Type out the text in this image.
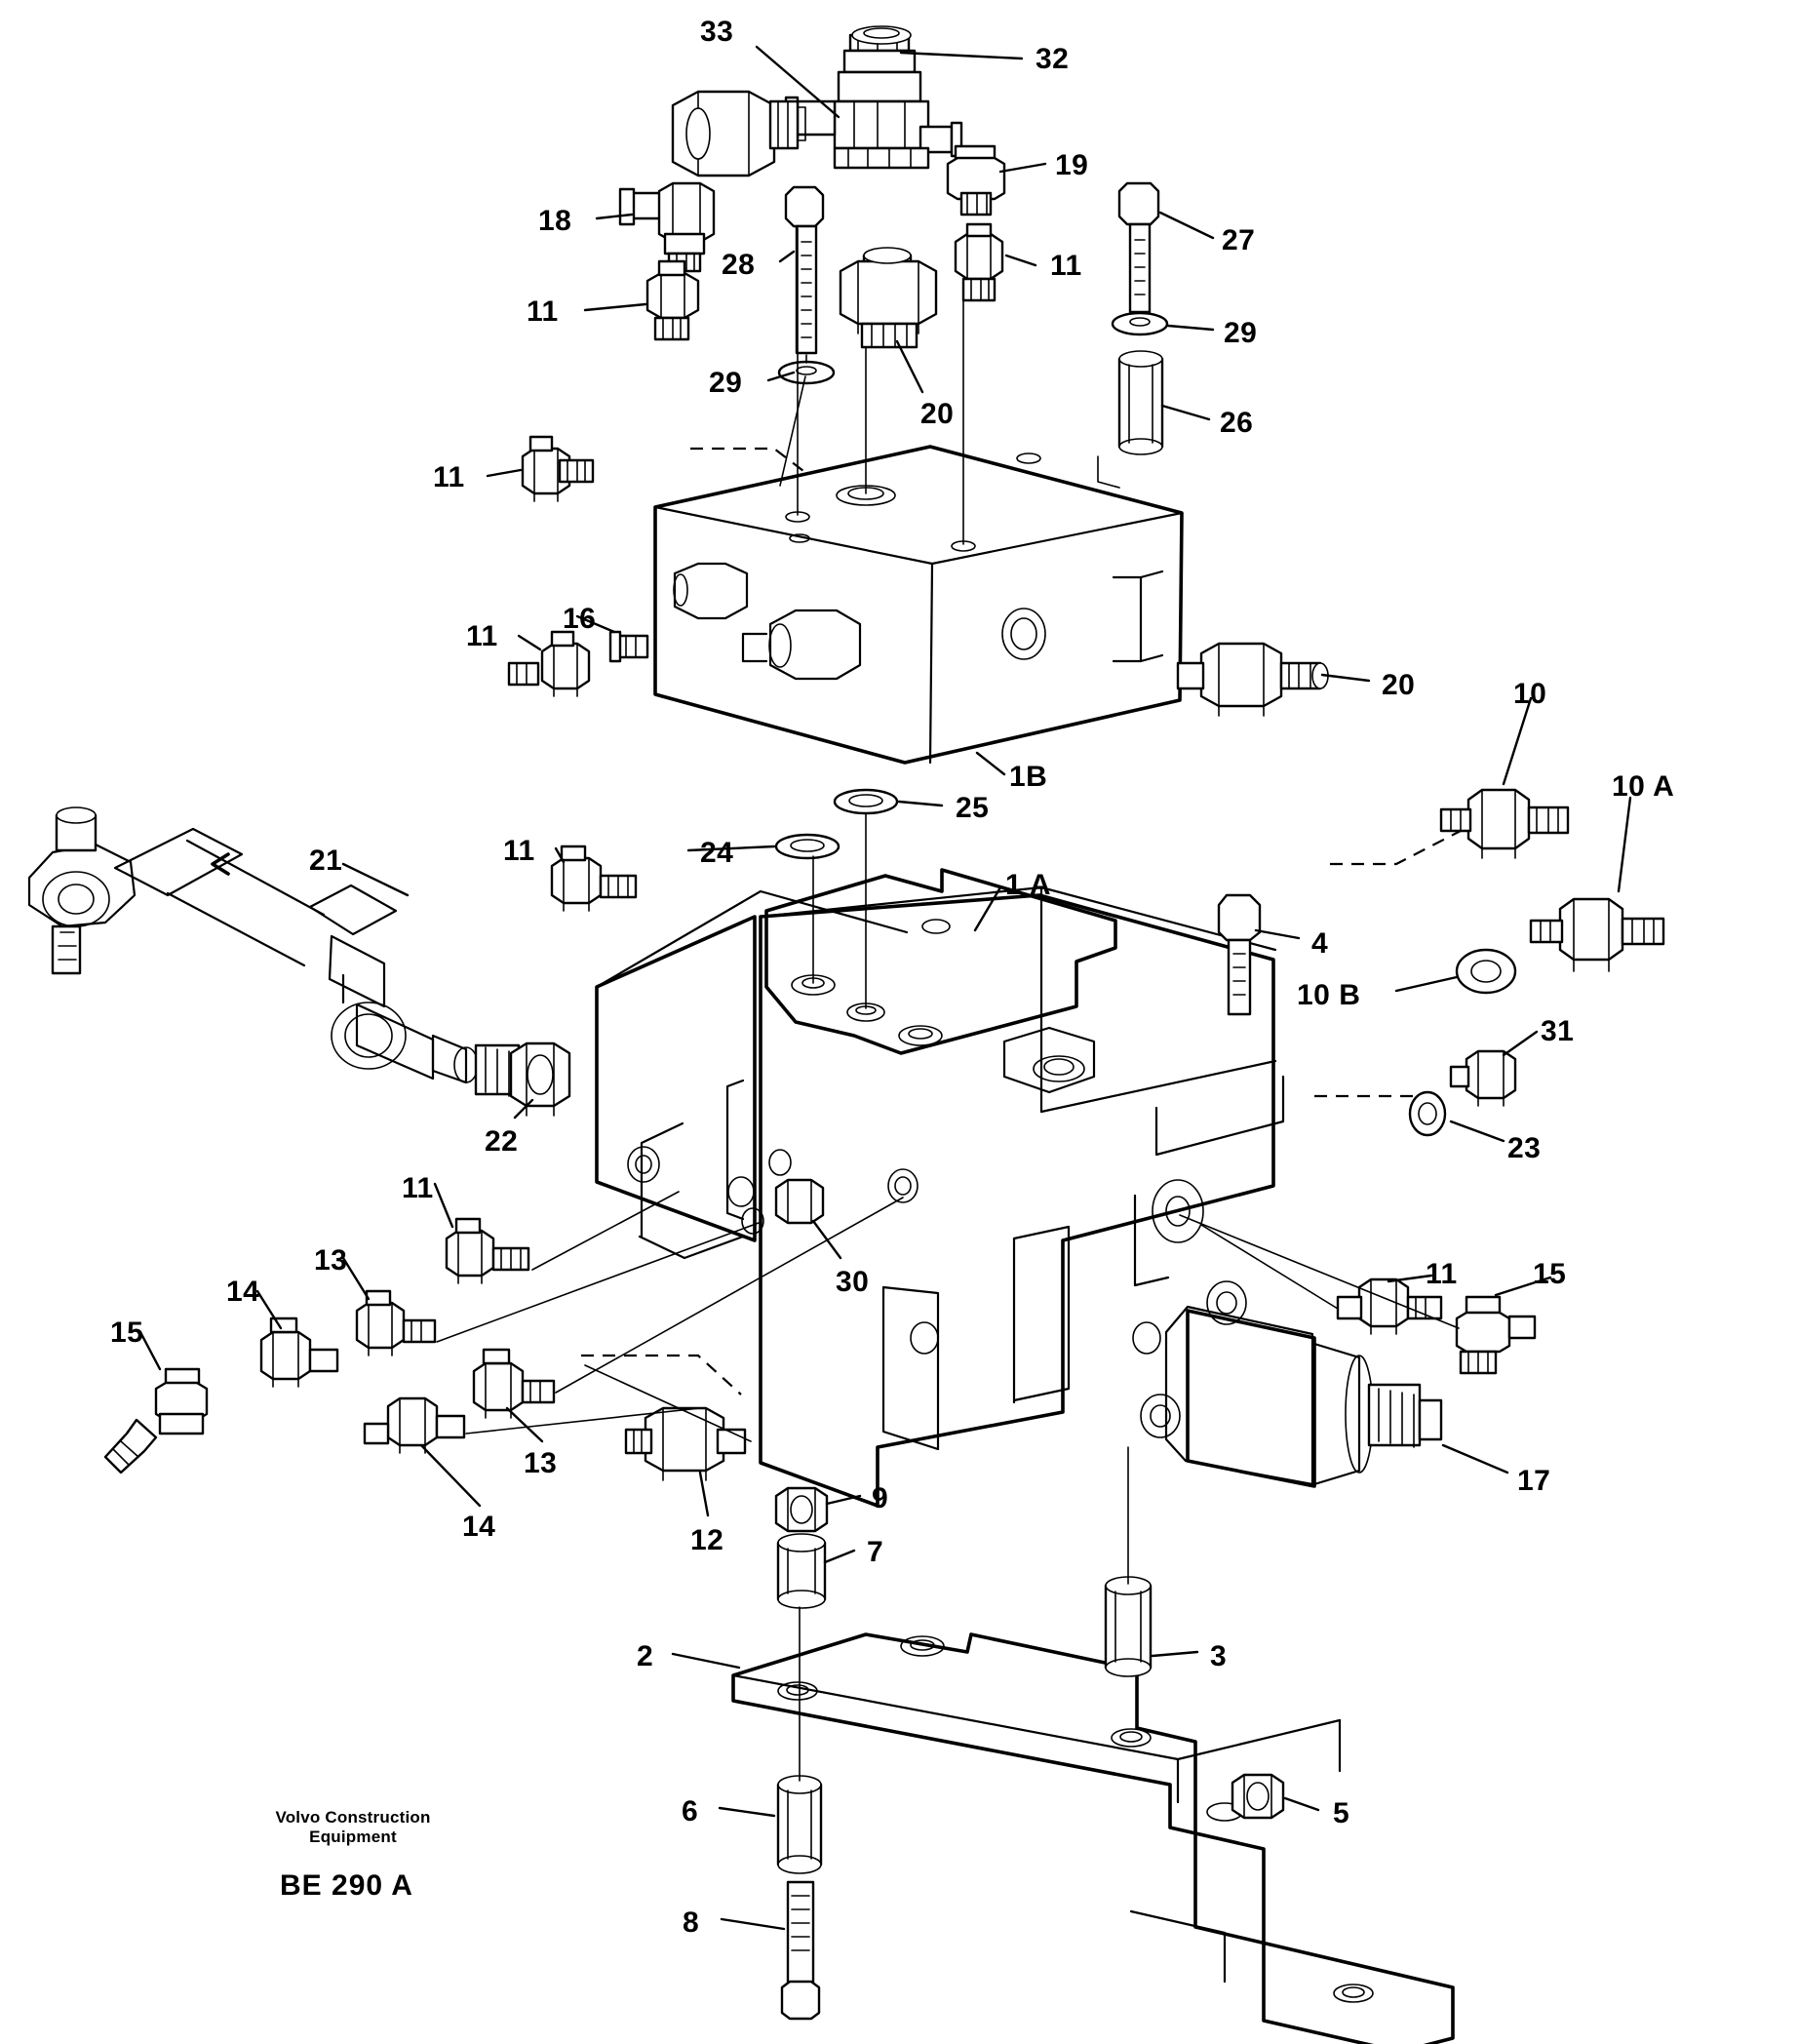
33
32
19
18
28	11
27
11
29
29
20	26
11
16
11
20	10
1B	10 A
25
24
11
1 A
21
4
10 B
31
22	23
11
30
13
14
11	15
15
13
14	12
9
7
17
3
2
5
6
8
Volvo Construction
Equipment
BE 290 A
